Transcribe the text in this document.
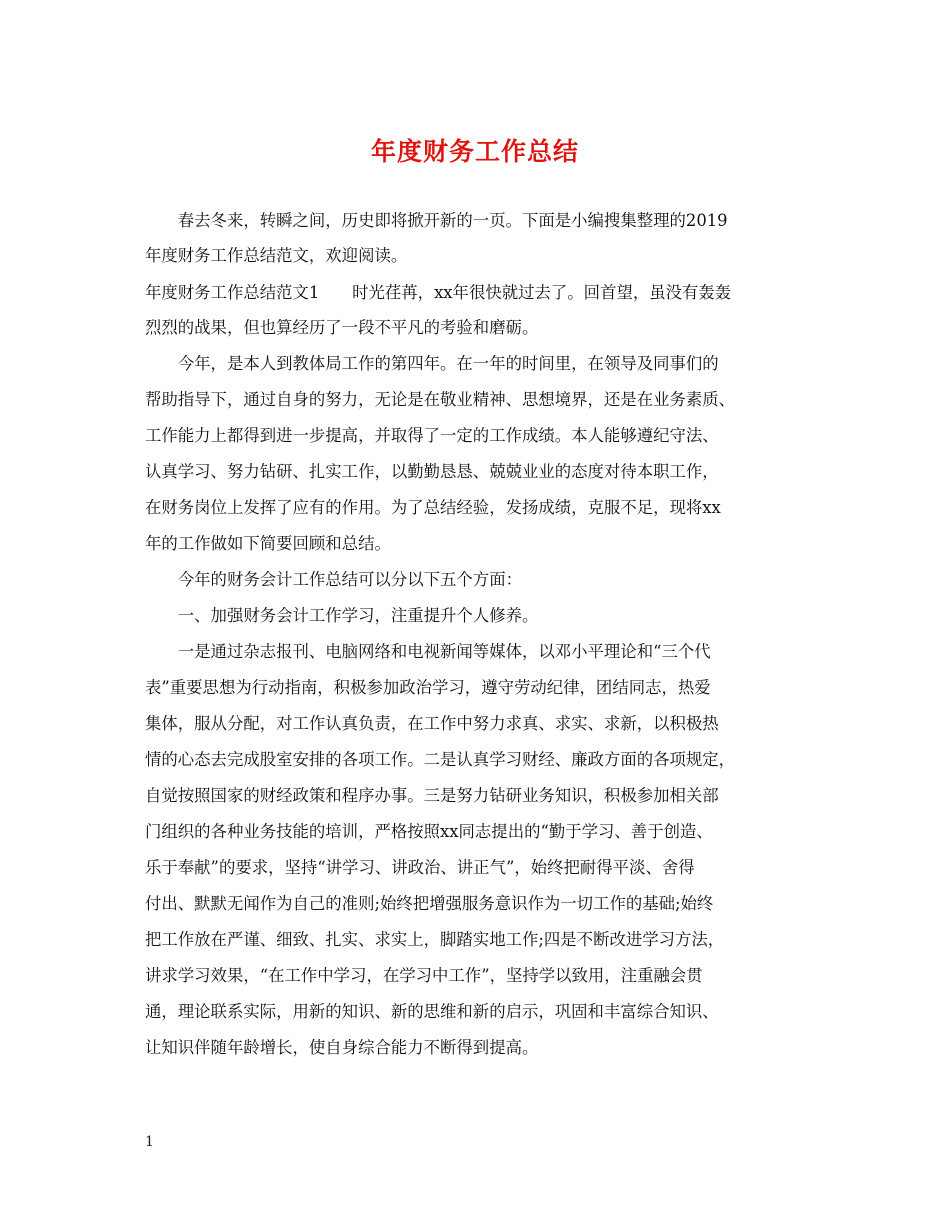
年度财务工作总结
　　春去冬来，转瞬之间，历史即将掀开新的一页。下面是小编搜集整理的2019
年度财务工作总结范文，欢迎阅读。
年度财务工作总结范文1　　时光荏苒，xx年很快就过去了。回首望，虽没有轰轰
烈烈的战果，但也算经历了一段不平凡的考验和磨砺。
　　今年，是本人到教体局工作的第四年。在一年的时间里，在领导及同事们的
帮助指导下，通过自身的努力，无论是在敬业精神、思想境界，还是在业务素质、
工作能力上都得到进一步提高，并取得了一定的工作成绩。本人能够遵纪守法、
认真学习、努力钻研、扎实工作，以勤勤恳恳、兢兢业业的态度对待本职工作，
在财务岗位上发挥了应有的作用。为了总结经验，发扬成绩，克服不足，现将xx
年的工作做如下简要回顾和总结。
　　今年的财务会计工作总结可以分以下五个方面：
　　一、加强财务会计工作学习，注重提升个人修养。
　　一是通过杂志报刊、电脑网络和电视新闻等媒体，以邓小平理论和“三个代
表”重要思想为行动指南，积极参加政治学习，遵守劳动纪律，团结同志，热爱
集体，服从分配，对工作认真负责，在工作中努力求真、求实、求新，以积极热
情的心态去完成股室安排的各项工作。二是认真学习财经、廉政方面的各项规定，
自觉按照国家的财经政策和程序办事。三是努力钻研业务知识，积极参加相关部
门组织的各种业务技能的培训，严格按照xx同志提出的“勤于学习、善于创造、
乐于奉献”的要求，坚持“讲学习、讲政治、讲正气”，始终把耐得平淡、舍得
付出、默默无闻作为自己的准则;始终把增强服务意识作为一切工作的基础;始终
把工作放在严谨、细致、扎实、求实上，脚踏实地工作;四是不断改进学习方法，
讲求学习效果，“在工作中学习，在学习中工作”，坚持学以致用，注重融会贯
通，理论联系实际，用新的知识、新的思维和新的启示，巩固和丰富综合知识、
让知识伴随年龄增长，使自身综合能力不断得到提高。
1
